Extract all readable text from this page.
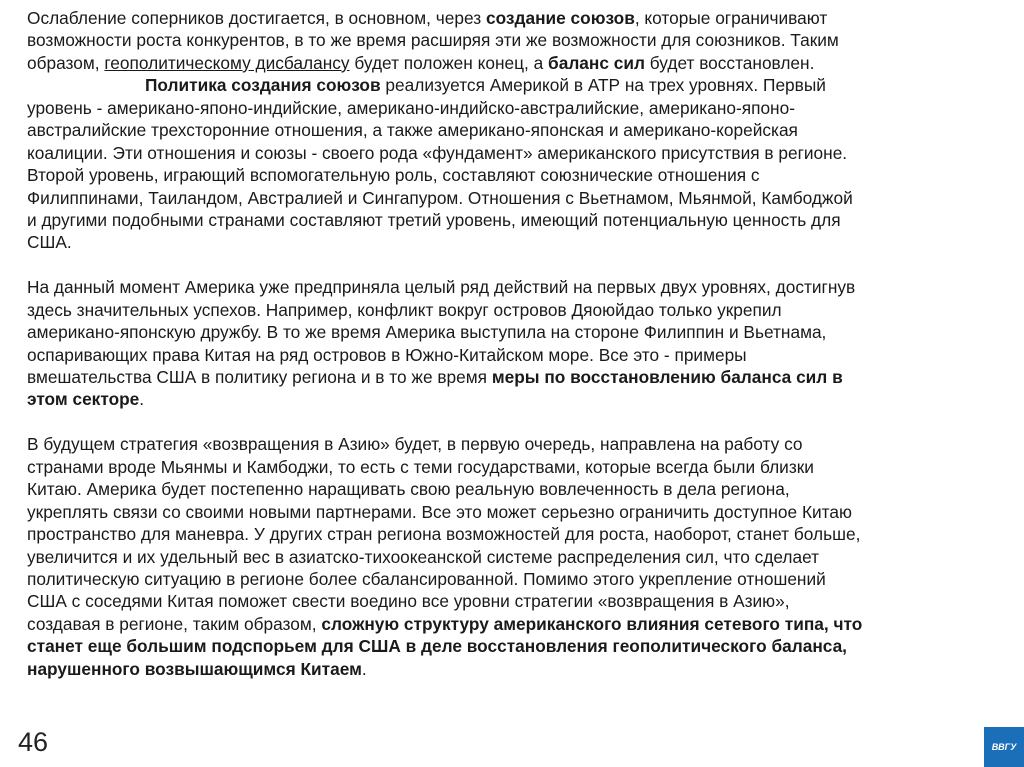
Ослабление соперников достигается, в основном, через создание союзов, которые ограничивают
возможности роста конкурентов, в то же время расширяя эти же возможности для союзников. Таким
образом, геополитическому дисбалансу будет положен конец, а баланс сил будет восстановлен.
Политика создания союзов реализуется Америкой в АТР на трех уровнях. Первый
уровень - американо-японо-индийские, американо-индийско-австралийские, американо-японо-
австралийские трехсторонние отношения, а также американо-японская и американо-корейская
коалиции. Эти отношения и союзы - своего рода «фундамент» американского присутствия в регионе.
Второй уровень, играющий вспомогательную роль, составляют союзнические отношения с
Филиппинами, Таиландом, Австралией и Сингапуром. Отношения с Вьетнамом, Мьянмой, Камбоджой
и другими подобными странами составляют третий уровень, имеющий потенциальную ценность для
США.
На данный момент Америка уже предприняла целый ряд действий на первых двух уровнях, достигнув
здесь значительных успехов. Например, конфликт вокруг островов Дяоюйдао только укрепил
американо-японскую дружбу. В то же время Америка выступила на стороне Филиппин и Вьетнама,
оспаривающих права Китая на ряд островов в Южно-Китайском море. Все это - примеры
вмешательства США в политику региона и в то же время меры по восстановлению баланса сил в
этом секторе.
В будущем стратегия «возвращения в Азию» будет, в первую очередь, направлена на работу со
странами вроде Мьянмы и Камбоджи, то есть с теми государствами, которые всегда были близки
Китаю. Америка будет постепенно наращивать свою реальную вовлеченность в дела региона,
укреплять связи со своими новыми партнерами. Все это может серьезно ограничить доступное Китаю
пространство для маневра. У других стран региона возможностей для роста, наоборот, станет больше,
увеличится и их удельный вес в азиатско-тихоокеанской системе распределения сил, что сделает
политическую ситуацию в регионе более сбалансированной. Помимо этого укрепление отношений
США с соседями Китая поможет свести воедино все уровни стратегии «возвращения в Азию»,
создавая в регионе, таким образом, сложную структуру американского влияния сетевого типа, что
станет еще большим подспорьем для США в деле восстановления геополитического баланса,
нарушенного возвышающимся Китаем.
46	ВВГУ
